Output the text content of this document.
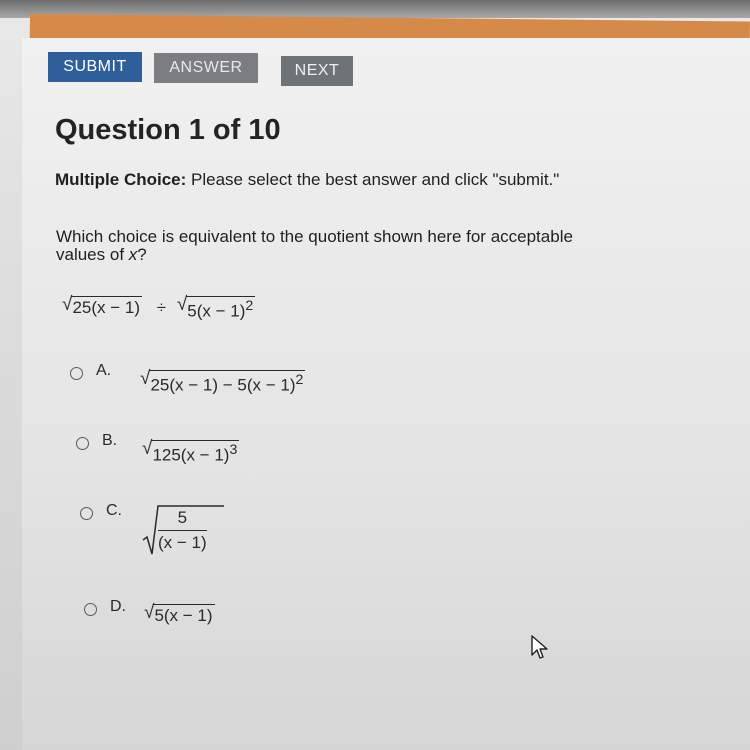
SUBMIT	ANSWER	NEXT
Question 1 of 10
Multiple Choice: Please select the best answer and click "submit."
Which choice is equivalent to the quotient shown here for acceptable
values of x?
$√25(x - 1) \div √5(x - 1)^2$
A. $√25(x - 1) - 5(x - 1)^2$
B. $√125(x - 1)^3$
C. $\frac{5}{(x - 1)}$
D. √5(x − 1)
